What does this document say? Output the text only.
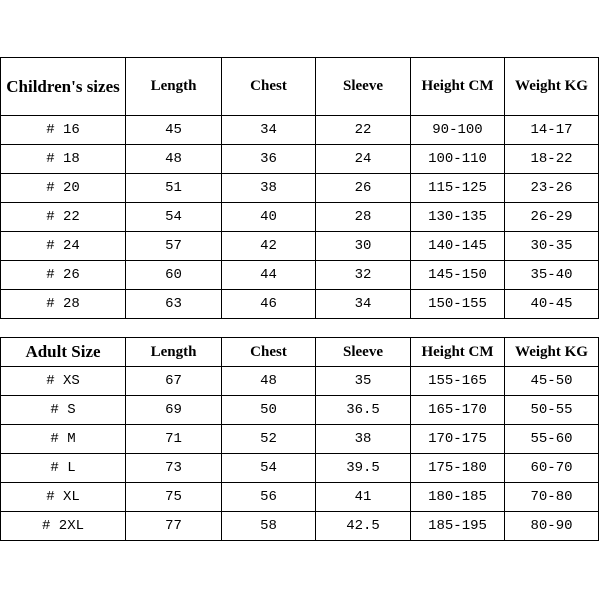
Children's sizes	Length	Chest	Sleeve	Height CM	Weight KG
# 16	45	34	22	90-100	14-17
# 18	48	36	24	100-110	18-22
# 20	51	38	26	115-125	23-26
# 22	54	40	28	130-135	26-29
# 24	57	42	30	140-145	30-35
# 26	60	44	32	145-150	35-40
# 28	63	46	34	150-155	40-45

Adult Size	Length	Chest	Sleeve	Height CM	Weight KG
# XS	67	48	35	155-165	45-50
# S	69	50	36.5	165-170	50-55
# M	71	52	38	170-175	55-60
# L	73	54	39.5	175-180	60-70
# XL	75	56	41	180-185	70-80
# 2XL	77	58	42.5	185-195	80-90
